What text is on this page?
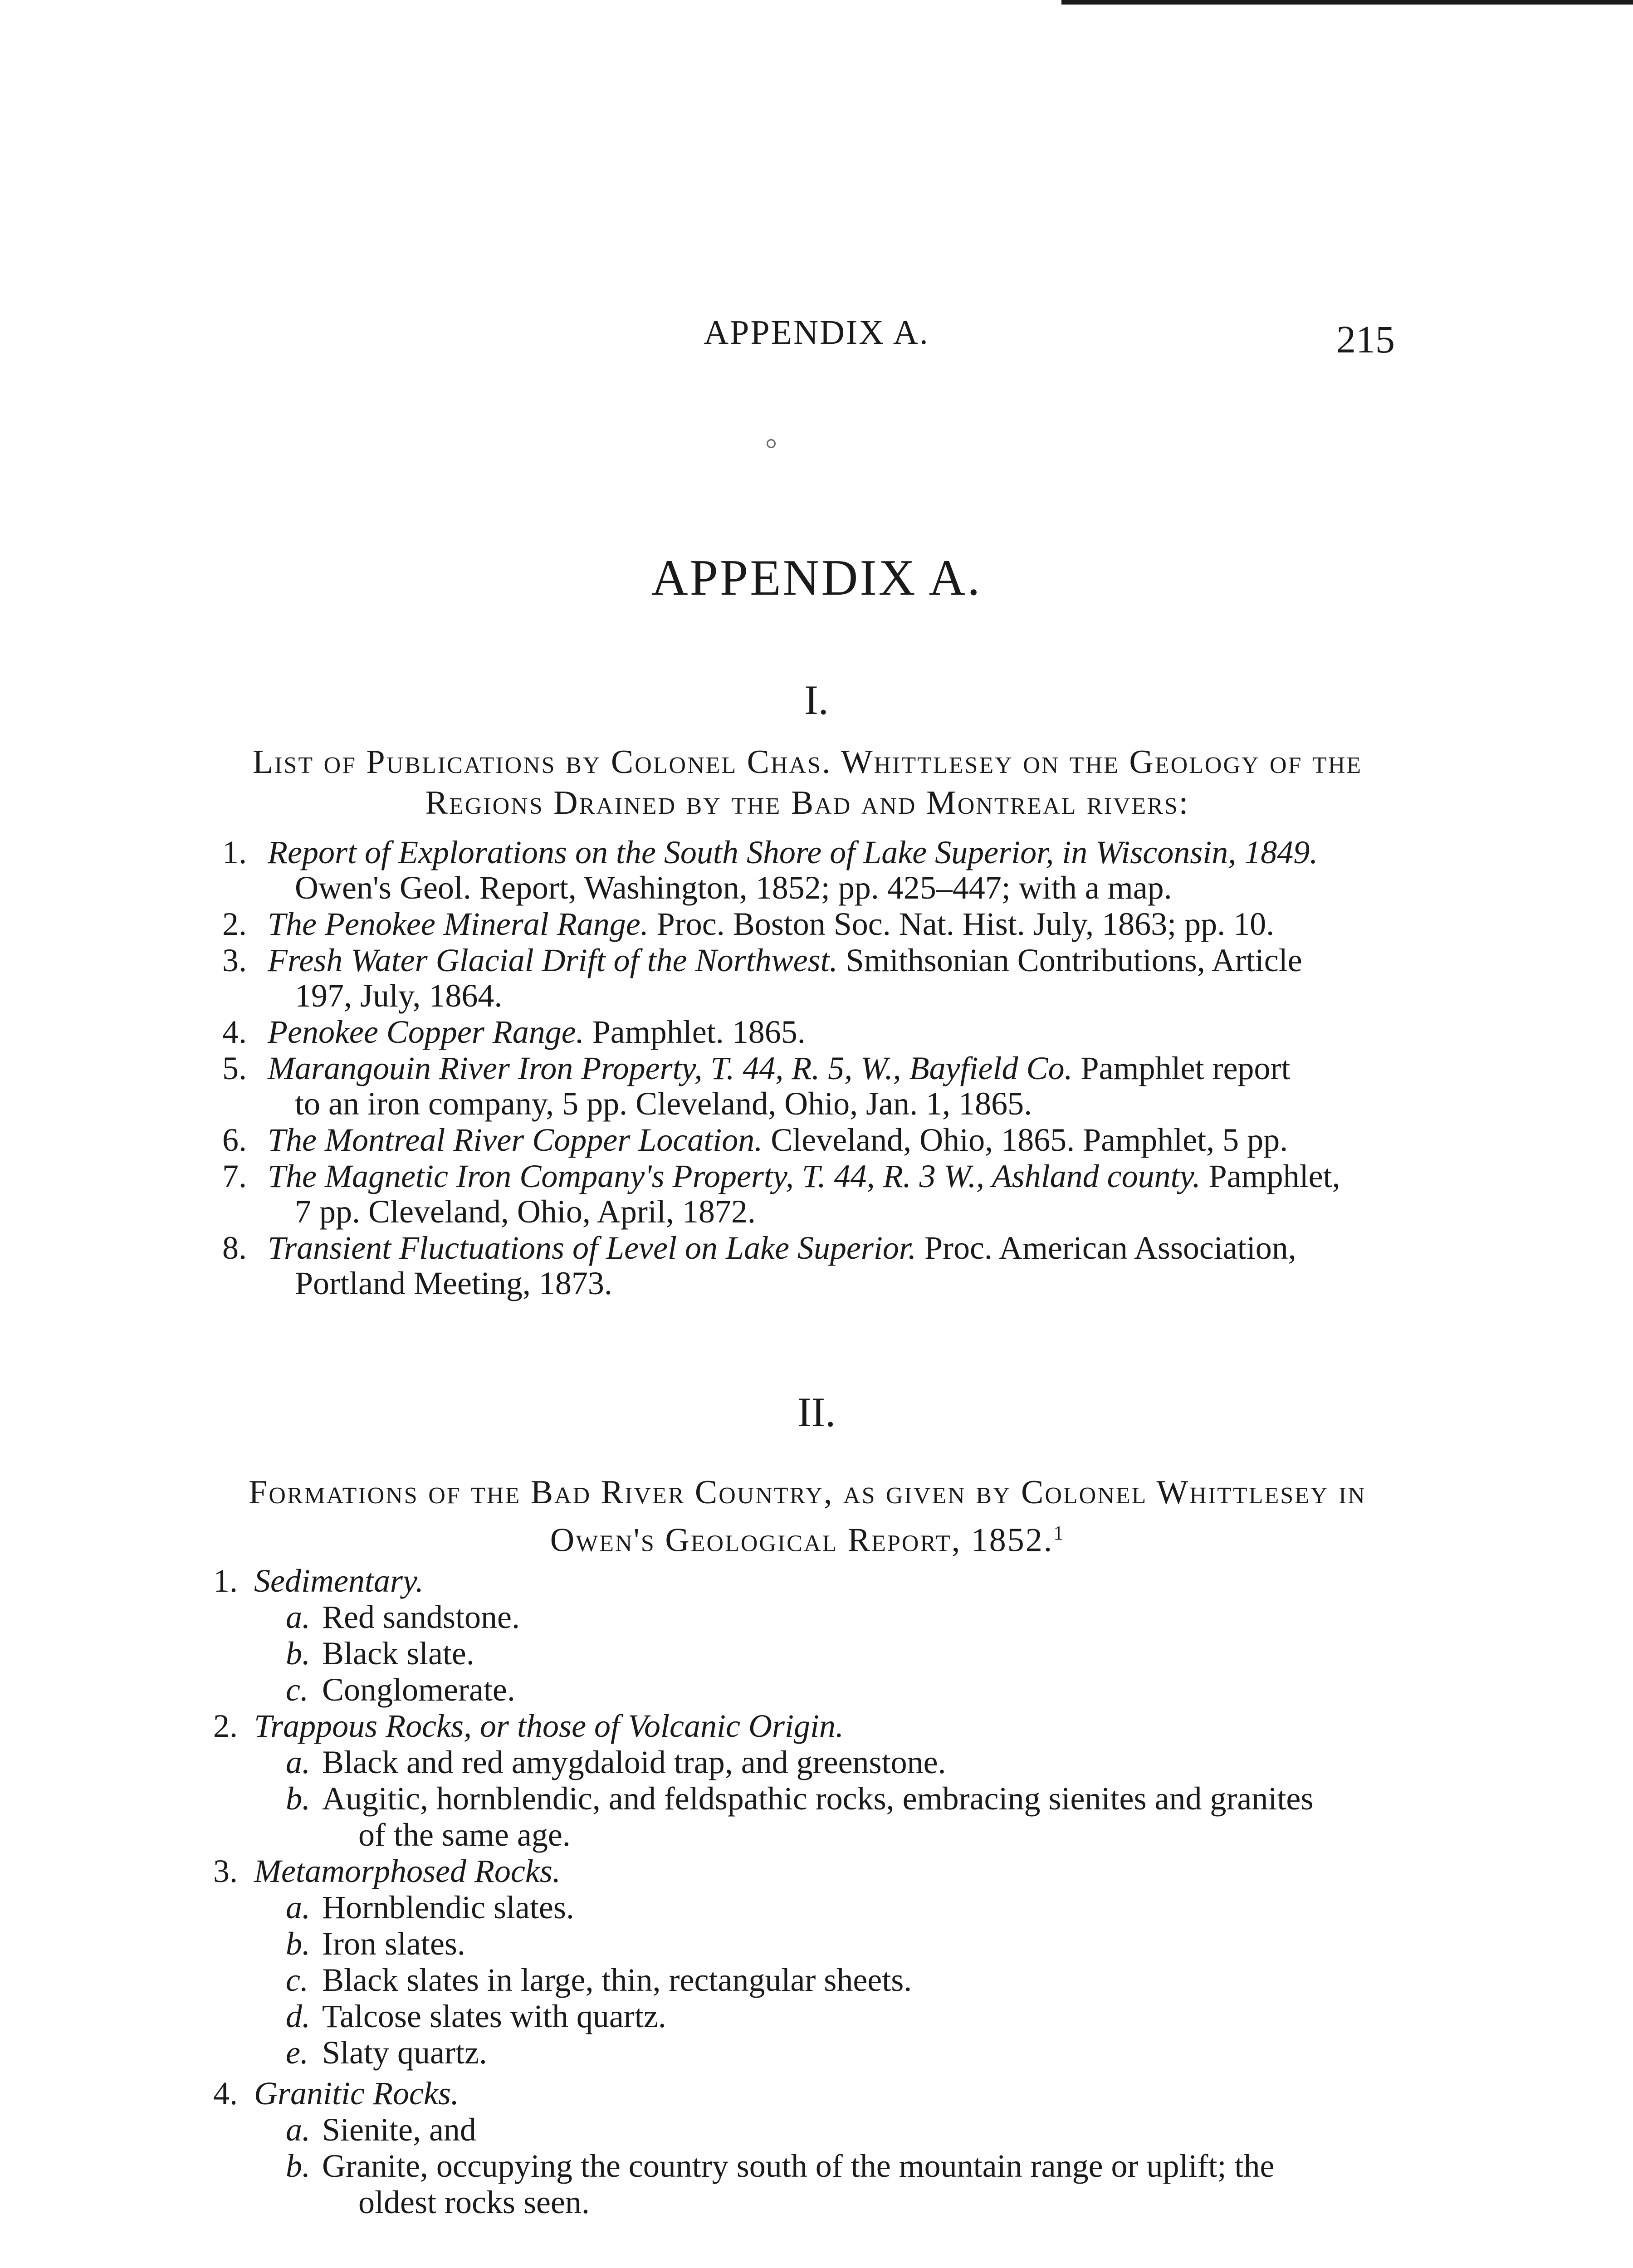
APPENDIX A.	215
APPENDIX A.
I.
List of Publications by Colonel Chas. Whittlesey on the Geology of the
Regions Drained by the Bad and Montreal rivers:
1. Report of Explorations on the South Shore of Lake Superior, in Wisconsin, 1849.
Owen's Geol. Report, Washington, 1852; pp. 425–447; with a map.
2. The Penokee Mineral Range. Proc. Boston Soc. Nat. Hist. July, 1863; pp. 10.
3. Fresh Water Glacial Drift of the Northwest. Smithsonian Contributions, Article
197, July, 1864.
4. Penokee Copper Range. Pamphlet. 1865.
5. Marangouin River Iron Property, T. 44, R. 5, W., Bayfield Co. Pamphlet report
to an iron company, 5 pp. Cleveland, Ohio, Jan. 1, 1865.
6. The Montreal River Copper Location. Cleveland, Ohio, 1865. Pamphlet, 5 pp.
7. The Magnetic Iron Company's Property, T. 44, R. 3 W., Ashland county. Pamphlet,
7 pp. Cleveland, Ohio, April, 1872.
8. Transient Fluctuations of Level on Lake Superior. Proc. American Association,
Portland Meeting, 1873.
II.
Formations of the Bad River Country, as given by Colonel Whittlesey in
Owen's Geological Report, 1852.$^1$
1. Sedimentary.
a. Red sandstone.
b. Black slate.
c. Conglomerate.
2. Trappous Rocks, or those of Volcanic Origin.
a. Black and red amygdaloid trap, and greenstone.
b. Augitic, hornblendic, and feldspathic rocks, embracing sienites and granites
of the same age.
3. Metamorphosed Rocks.
a. Hornblendic slates.
b. Iron slates.
c. Black slates in large, thin, rectangular sheets.
d. Talcose slates with quartz.
e. Slaty quartz.
4. Granitic Rocks.
a. Sienite, and
b. Granite, occupying the country south of the mountain range or uplift; the
oldest rocks seen.
